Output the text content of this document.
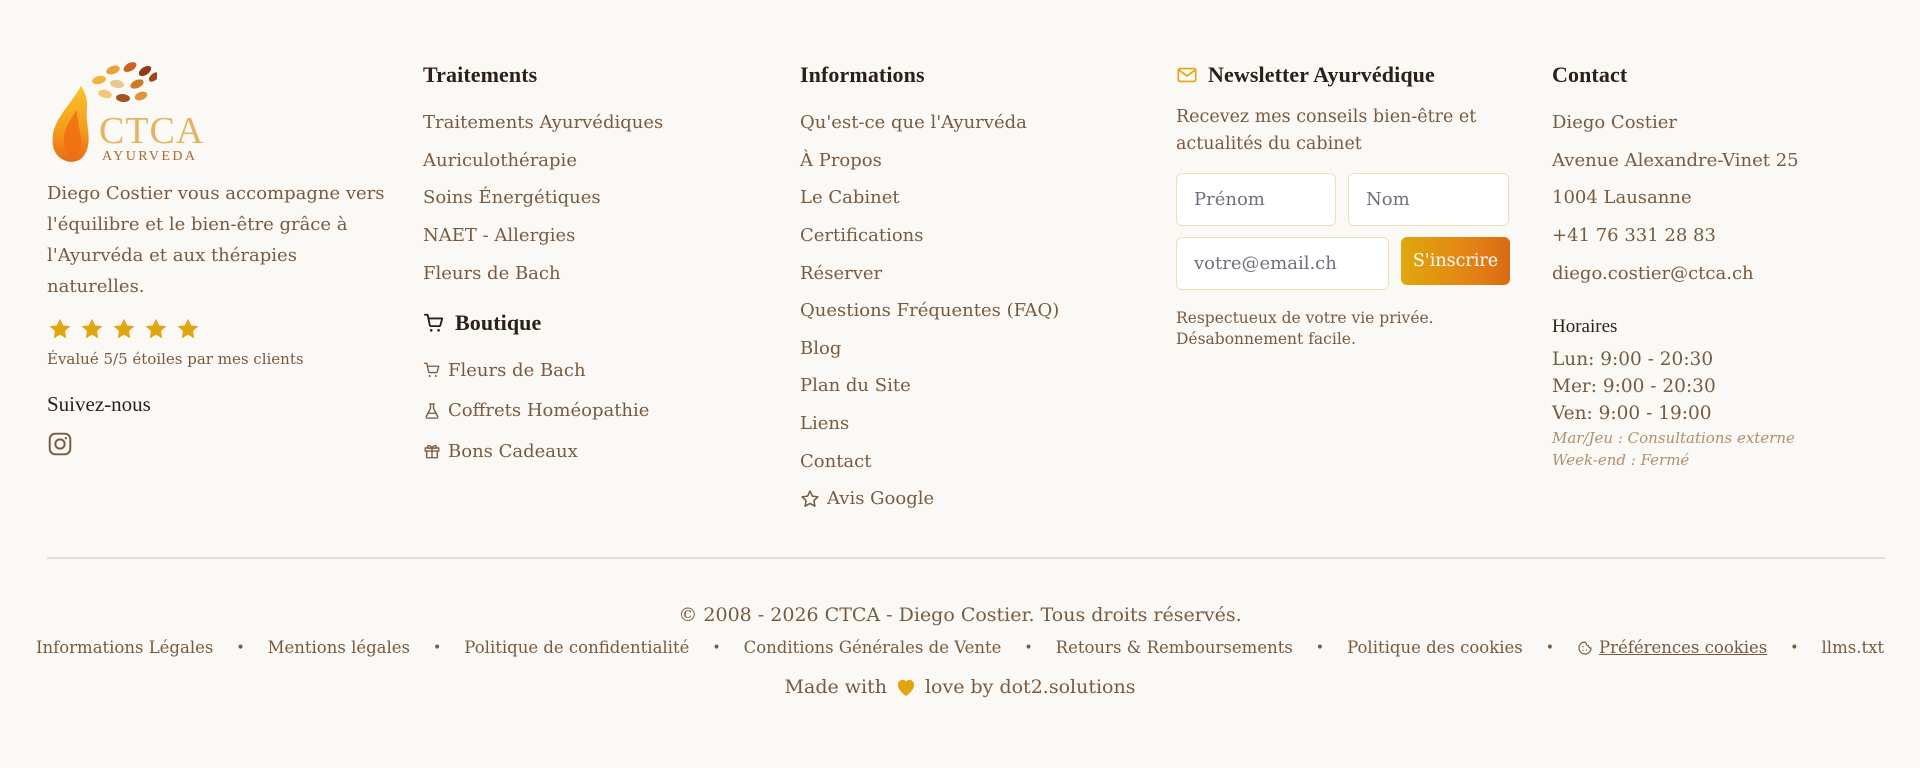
CTCA
AYURVEDA

Diego Costier vous accompagne vers l'équilibre et le bien-être grâce à l'Ayurvéda et aux thérapies naturelles.

Évalué 5/5 étoiles par mes clients

Suivez-nous

Traitements
Traitements Ayurvédiques
Auriculothérapie
Soins Énergétiques
NAET - Allergies
Fleurs de Bach
Boutique
Fleurs de Bach
Coffrets Homéopathie
Bons Cadeaux
Informations
Qu'est-ce que l'Ayurvéda
À Propos
Le Cabinet
Certifications
Réserver
Questions Fréquentes (FAQ)
Blog
Plan du Site
Liens
Contact
Avis Google
Newsletter Ayurvédique

Recevez mes conseils bien-être et actualités du cabinet

Prénom
Nom
votre@email.ch
S'inscrire

Respectueux de votre vie privée.
Désabonnement facile.

Contact
Diego Costier
Avenue Alexandre-Vinet 25
1004 Lausanne
+41 76 331 28 83
diego.costier@ctca.ch

Horaires

Lun: 9:00 - 20:30
Mer: 9:00 - 20:30
Ven: 9:00 - 19:00
Mar/Jeu : Consultations externe
Week-end : Fermé

© 2008 - 2026 CTCA - Diego Costier. Tous droits réservés.

Informations Légales • Mentions légales • Politique de confidentialité • Conditions Générales de Vente • Retours & Remboursements • Politique des cookies •	Préférences cookies • llms.txt
Made with love by dot2.solutions
